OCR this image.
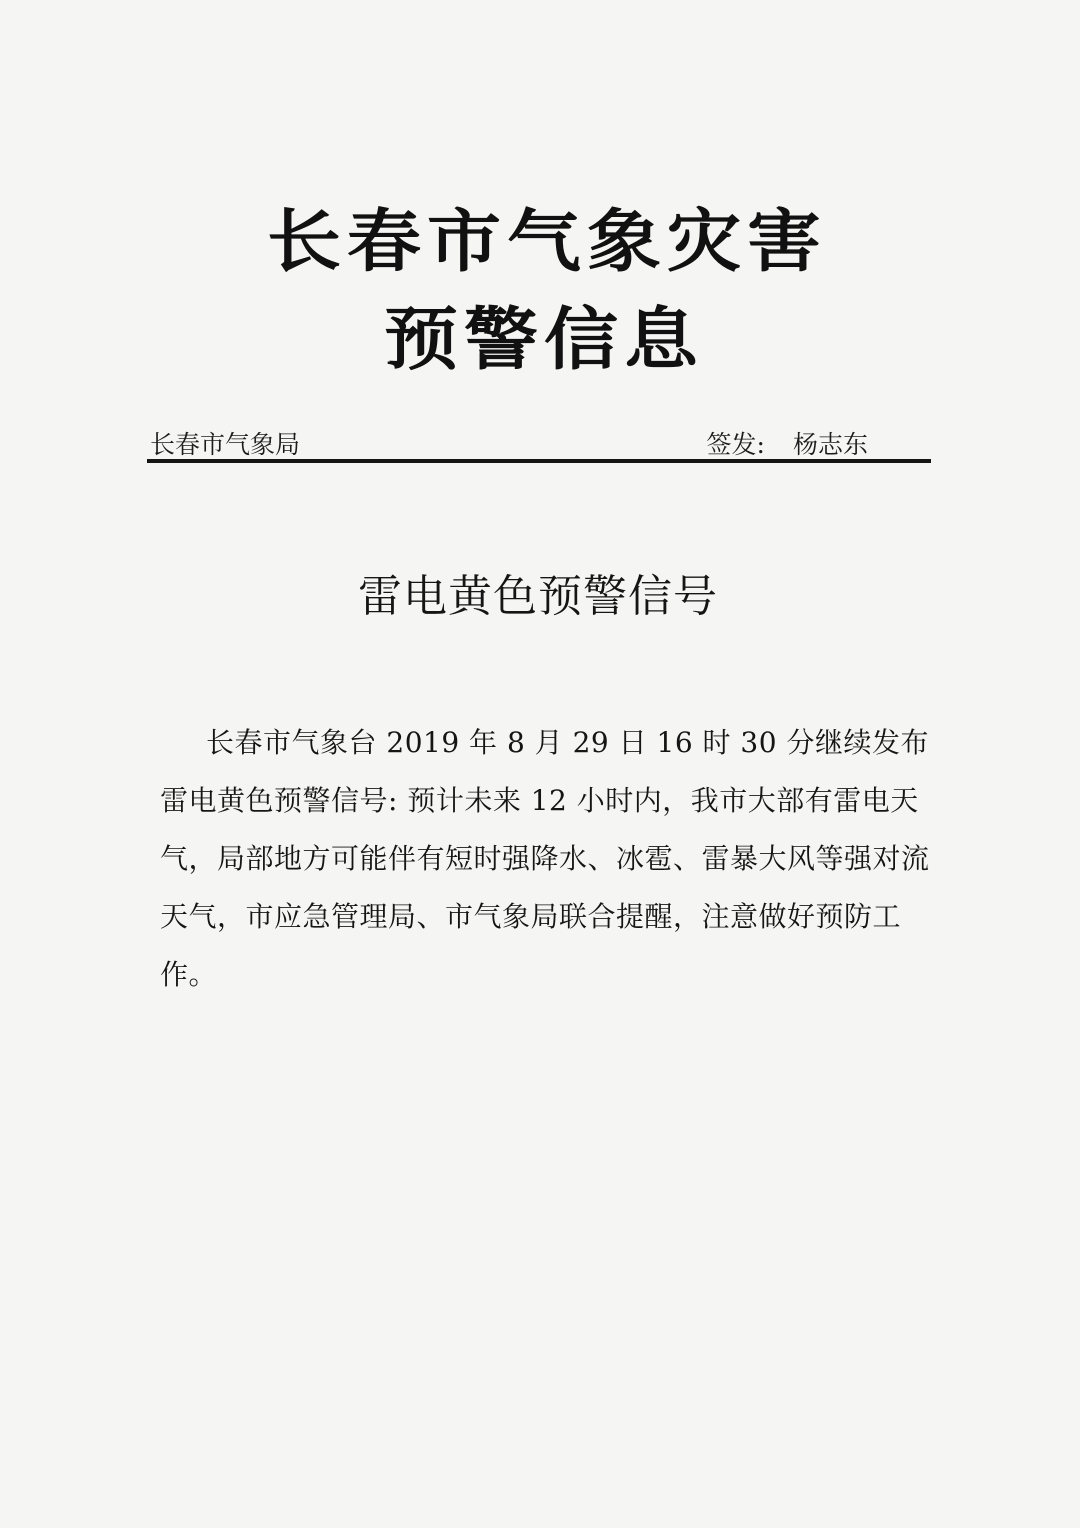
长春市气象灾害
预警信息
长春市气象局	签发: 杨志东
雷电黄色预警信号

长春市气象台 2019 年 8 月 29 日 16 时 30 分继续发布雷电黄色预警信号: 预计未来 12 小时内，我市大部有雷电天气，局部地方可能伴有短时强降水、冰雹、雷暴大风等强对流天气，市应急管理局、市气象局联合提醒，注意做好预防工作。
